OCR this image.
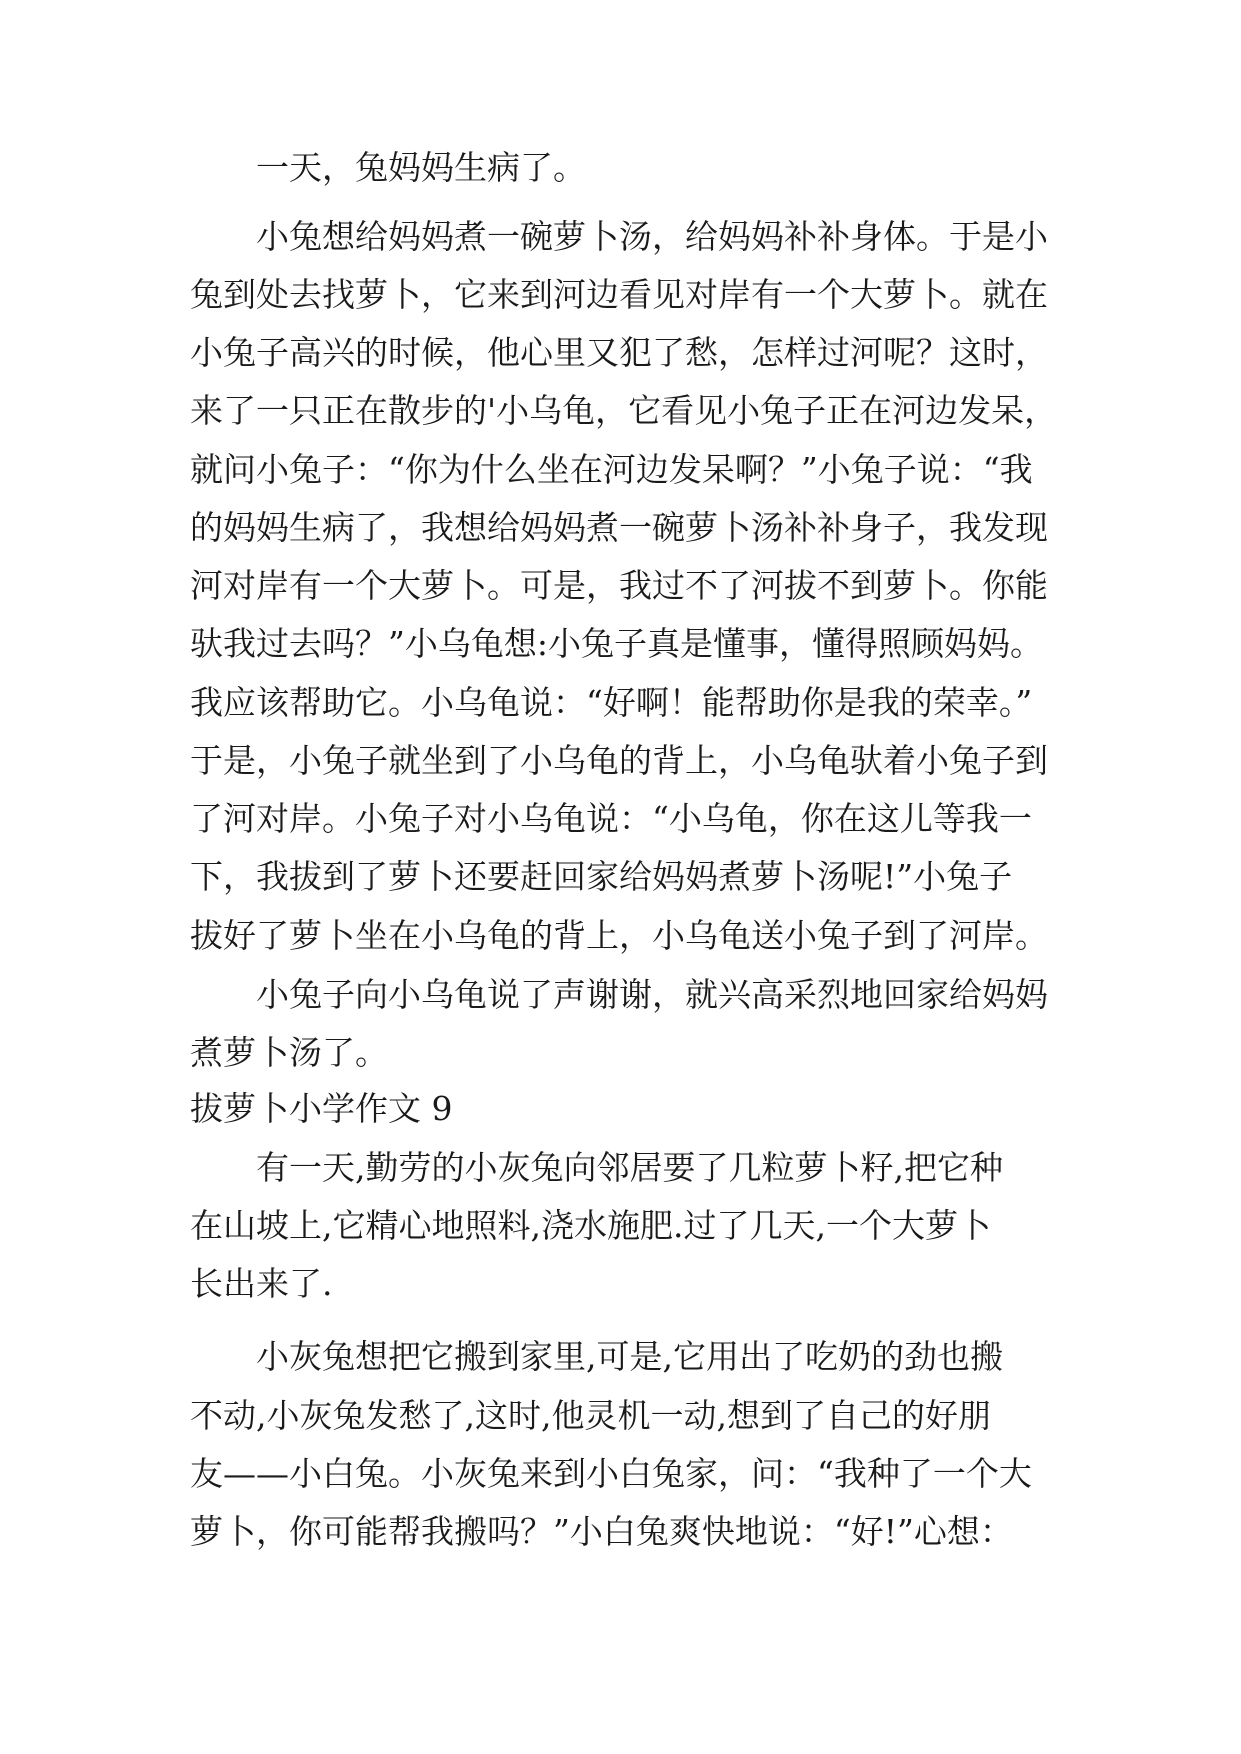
一天，兔妈妈生病了。
小兔想给妈妈煮一碗萝卜汤，给妈妈补补身体。于是小
兔到处去找萝卜，它来到河边看见对岸有一个大萝卜。就在
小兔子高兴的时候，他心里又犯了愁，怎样过河呢？这时，
来了一只正在散步的'小乌龟，它看见小兔子正在河边发呆，
就问小兔子：“你为什么坐在河边发呆啊？”小兔子说：“我
的妈妈生病了，我想给妈妈煮一碗萝卜汤补补身子，我发现
河对岸有一个大萝卜。可是，我过不了河拔不到萝卜。你能
驮我过去吗？”小乌龟想:小兔子真是懂事，懂得照顾妈妈。
我应该帮助它。小乌龟说：“好啊！能帮助你是我的荣幸。”
于是，小兔子就坐到了小乌龟的背上，小乌龟驮着小兔子到
了河对岸。小兔子对小乌龟说：“小乌龟，你在这儿等我一
下，我拔到了萝卜还要赶回家给妈妈煮萝卜汤呢!”小兔子
拔好了萝卜坐在小乌龟的背上，小乌龟送小兔子到了河岸。
小兔子向小乌龟说了声谢谢，就兴高采烈地回家给妈妈
煮萝卜汤了。
拔萝卜小学作文 9
有一天,勤劳的小灰兔向邻居要了几粒萝卜籽,把它种
在山坡上,它精心地照料,浇水施肥.过了几天,一个大萝卜
长出来了.
小灰兔想把它搬到家里,可是,它用出了吃奶的劲也搬
不动,小灰兔发愁了,这时,他灵机一动,想到了自己的好朋
友——小白兔。小灰兔来到小白兔家，问：“我种了一个大
萝卜，你可能帮我搬吗？”小白兔爽快地说：“好!”心想：
